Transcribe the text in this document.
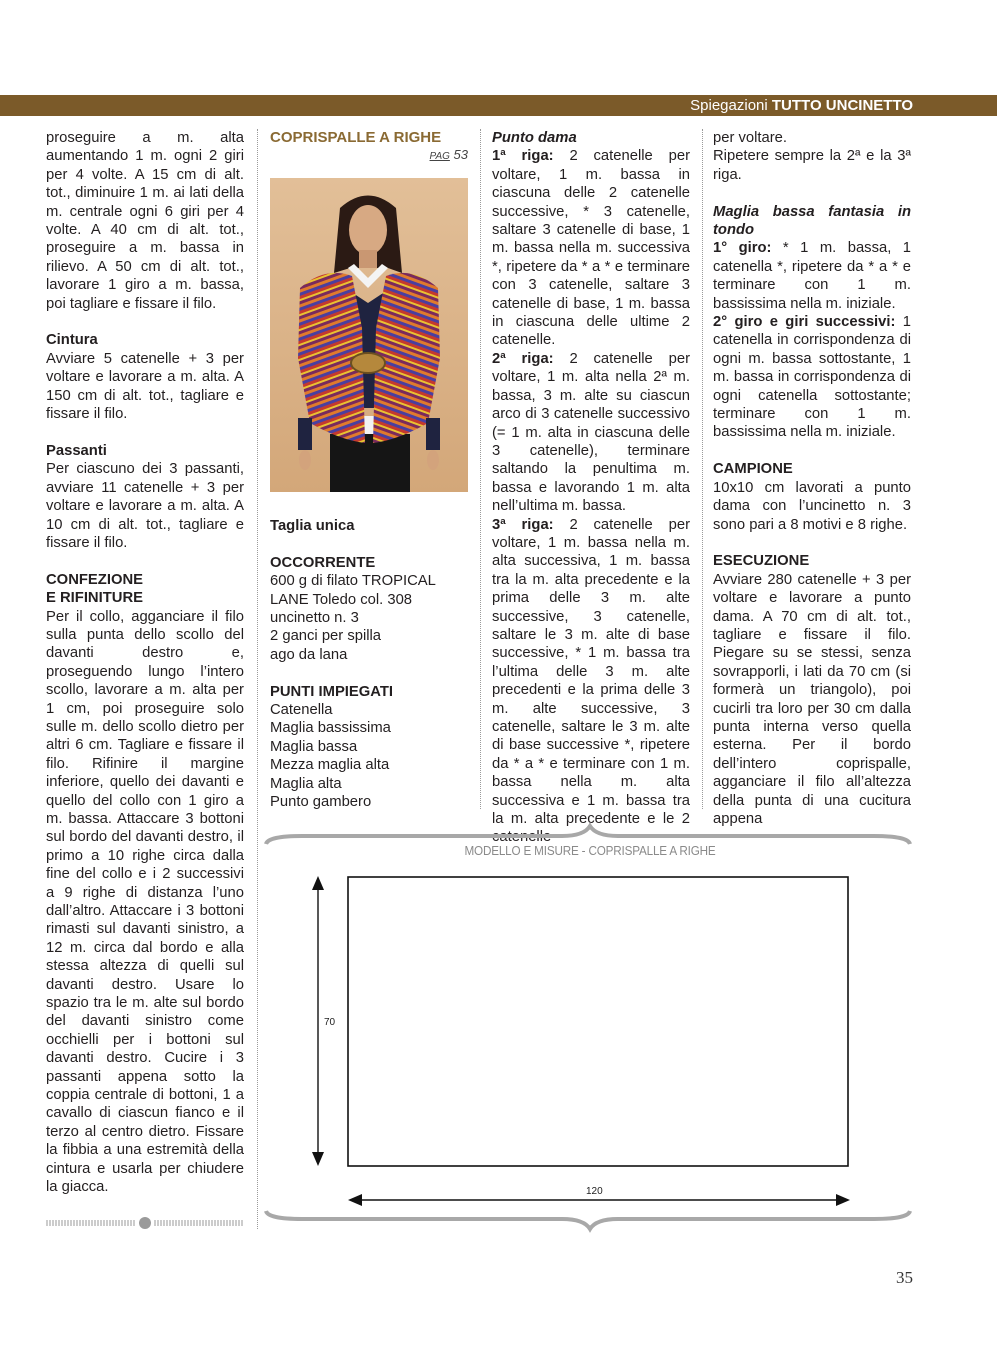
Spiegazioni TUTTO UNCINETTO

proseguire a m. alta aumentando 1 m. ogni 2 giri per 4 volte. A 15 cm di alt. tot., diminuire 1 m. ai lati della m. centrale ogni 6 giri per 4 volte. A 40 cm di alt. tot., proseguire a m. bassa in rilievo. A 50 cm di alt. tot., lavorare 1 giro a m. bassa, poi tagliare e fissare il filo.

Cintura

Avviare 5 catenelle + 3 per voltare e lavorare a m. alta. A 150 cm di alt. tot., tagliare e fissare il filo.

Passanti

Per ciascuno dei 3 passanti, avviare 11 catenelle + 3 per voltare e lavorare a m. alta. A 10 cm di alt. tot., tagliare e fissare il filo.

CONFEZIONE

E RIFINITURE

Per il collo, agganciare il filo sulla punta dello scollo del davanti destro e, proseguendo lungo l’intero scollo, lavorare a m. alta per 1 cm, poi proseguire solo sulle m. dello scollo dietro per altri 6 cm. Tagliare e fissare il filo. Rifinire il margine inferiore, quello dei davanti e quello del collo con 1 giro a m. bassa. Attaccare 3 bottoni sul bordo del davanti destro, il primo a 10 righe circa dalla fine del collo e i 2 successivi a 9 righe di distanza l’uno dall’altro. Attaccare i 3 bottoni rimasti sul davanti sinistro, a 12 m. circa dal bordo e alla stessa altezza di quelli sul davanti destro. Usare lo spazio tra le m. alte sul bordo del davanti sinistro come occhielli per i bottoni sul davanti destro. Cucire i 3 passanti appena sotto la coppia centrale di bottoni, 1 a cavallo di ciascun fianco e il terzo al centro dietro. Fissare la fibbia a una estremità della cintura e usarla per chiudere la giacca.

COPRISPALLE A RIGHE

PAG 53

Taglia unica

OCCORRENTE

600 g di filato TROPICAL LANE Toledo col. 308

uncinetto n. 3

2 ganci per spilla

ago da lana

PUNTI IMPIEGATI

Catenella

Maglia bassissima

Maglia bassa

Mezza maglia alta

Maglia alta

Punto gambero

Punto dama

1ª riga: 2 catenelle per voltare, 1 m. bassa in ciascuna delle 2 catenelle successive, * 3 catenelle, saltare 3 catenelle di base, 1 m. bassa nella m. successiva *, ripetere da * a * e terminare con 3 catenelle, saltare 3 catenelle di base, 1 m. bassa in ciascuna delle ultime 2 catenelle.

2ª riga: 2 catenelle per voltare, 1 m. alta nella 2ª m. bassa, 3 m. alte su ciascun arco di 3 catenelle successivo (= 1 m. alta in ciascuna delle 3 catenelle), terminare saltando la penultima m. bassa e lavorando 1 m. alta nell’ultima m. bassa.

3ª riga: 2 catenelle per voltare, 1 m. bassa nella m. alta successiva, 1 m. bassa tra la m. alta precedente e la prima delle 3 m. alte successive, 3 catenelle, saltare le 3 m. alte di base successive, * 1 m. bassa tra l’ultima delle 3 m. alte precedenti e la prima delle 3 m. alte successive, 3 catenelle, saltare le 3 m. alte di base successive *, ripetere da * a * e terminare con 1 m. bassa nella m. alta successiva e 1 m. bassa tra la m. alta precedente e le 2 catenelle

per voltare.

Ripetere sempre la 2ª e la 3ª riga.

Maglia bassa fantasia in tondo

1° giro: * 1 m. bassa, 1 catenella *, ripetere da * a * e terminare con 1 m. bassissima nella m. iniziale.

2° giro e giri successivi: 1 catenella in corrispondenza di ogni m. bassa sottostante, 1 m. bassa in corrispondenza di ogni catenella sottostante; terminare con 1 m. bassissima nella m. iniziale.

CAMPIONE

10x10 cm lavorati a punto dama con l’uncinetto n. 3 sono pari a 8 motivi e 8 righe.

ESECUZIONE

Avviare 280 catenelle + 3 per voltare e lavorare a punto dama. A 70 cm di alt. tot., tagliare e fissare il filo. Piegare su se stessi, senza sovrapporli, i lati da 70 cm (si formerà un triangolo), poi cucirli tra loro per 30 cm dalla punta interna verso quella esterna. Per il bordo dell’intero coprispalle, agganciare il filo all’altezza della punta di una cucitura appena

MODELLO E MISURE - COPRISPALLE A RIGHE
70
120
35
